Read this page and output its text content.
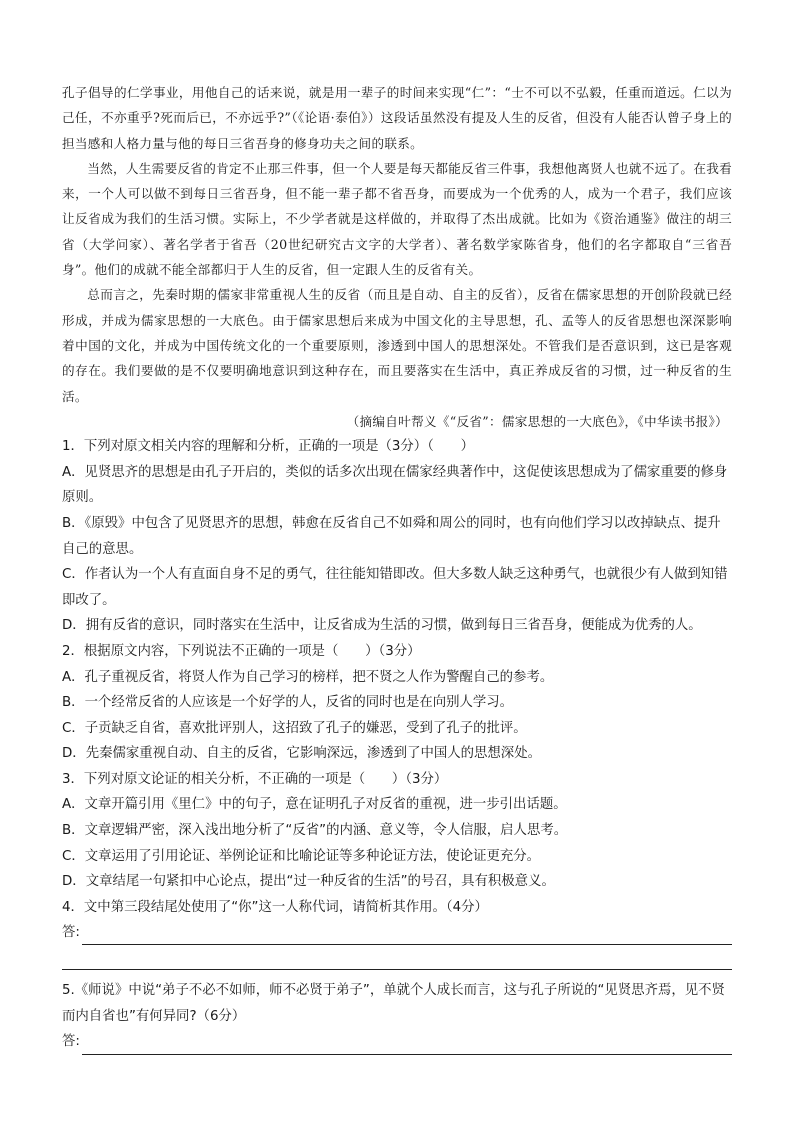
孔子倡导的仁学事业，用他自己的话来说，就是用一辈子的时间来实现“仁”：“士不可以不弘毅，任重而道远。仁以为己任，不亦重乎?死而后已，不亦远乎?”（《论语·泰伯》）这段话虽然没有提及人生的反省，但没有人能否认曾子身上的担当感和人格力量与他的每日三省吾身的修身功夫之间的联系。

当然，人生需要反省的肯定不止那三件事，但一个人要是每天都能反省三件事，我想他离贤人也就不远了。在我看来，一个人可以做不到每日三省吾身，但不能一辈子都不省吾身，而要成为一个优秀的人，成为一个君子，我们应该让反省成为我们的生活习惯。实际上，不少学者就是这样做的，并取得了杰出成就。比如为《资治通鉴》做注的胡三省（大学问家）、著名学者于省吾（20世纪研究古文字的大学者）、著名数学家陈省身，他们的名字都取自“三省吾身”。他们的成就不能全部都归于人生的反省，但一定跟人生的反省有关。

总而言之，先秦时期的儒家非常重视人生的反省（而且是自动、自主的反省），反省在儒家思想的开创阶段就已经形成，并成为儒家思想的一大底色。由于儒家思想后来成为中国文化的主导思想，孔、孟等人的反省思想也深深影响着中国的文化，并成为中国传统文化的一个重要原则，渗透到中国人的思想深处。不管我们是否意识到，这已是客观的存在。我们要做的是不仅要明确地意识到这种存在，而且要落实在生活中，真正养成反省的习惯，过一种反省的生活。

（摘编自叶帮义《“反省”：儒家思想的一大底色》，《中华读书报》）

1．下列对原文相关内容的理解和分析，正确的一项是（3分）（　　）

A．见贤思齐的思想是由孔子开启的，类似的话多次出现在儒家经典著作中，这促使该思想成为了儒家重要的修身原则。

B．《原毁》中包含了见贤思齐的思想，韩愈在反省自己不如舜和周公的同时，也有向他们学习以改掉缺点、提升自己的意思。

C．作者认为一个人有直面自身不足的勇气，往往能知错即改。但大多数人缺乏这种勇气，也就很少有人做到知错即改了。

D．拥有反省的意识，同时落实在生活中，让反省成为生活的习惯，做到每日三省吾身，便能成为优秀的人。

2．根据原文内容，下列说法不正确的一项是（　　）（3分）

A．孔子重视反省，将贤人作为自己学习的榜样，把不贤之人作为警醒自己的参考。

B．一个经常反省的人应该是一个好学的人，反省的同时也是在向别人学习。

C．子贡缺乏自省，喜欢批评别人，这招致了孔子的嫌恶，受到了孔子的批评。

D．先秦儒家重视自动、自主的反省，它影响深远，渗透到了中国人的思想深处。

3．下列对原文论证的相关分析，不正确的一项是（　　）（3分）

A．文章开篇引用《里仁》中的句子，意在证明孔子对反省的重视，进一步引出话题。

B．文章逻辑严密，深入浅出地分析了“反省”的内涵、意义等，令人信服，启人思考。

C．文章运用了引用论证、举例论证和比喻论证等多种论证方法，使论证更充分。

D．文章结尾一句紧扣中心论点，提出“过一种反省的生活”的号召，具有积极意义。

4．文中第三段结尾处使用了“你”这一人称代词，请简析其作用。（4分）

答:

5.《师说》中说“弟子不必不如师，师不必贤于弟子”，单就个人成长而言，这与孔子所说的“见贤思齐焉，见不贤而内自省也”有何异同?（6分）

答:
